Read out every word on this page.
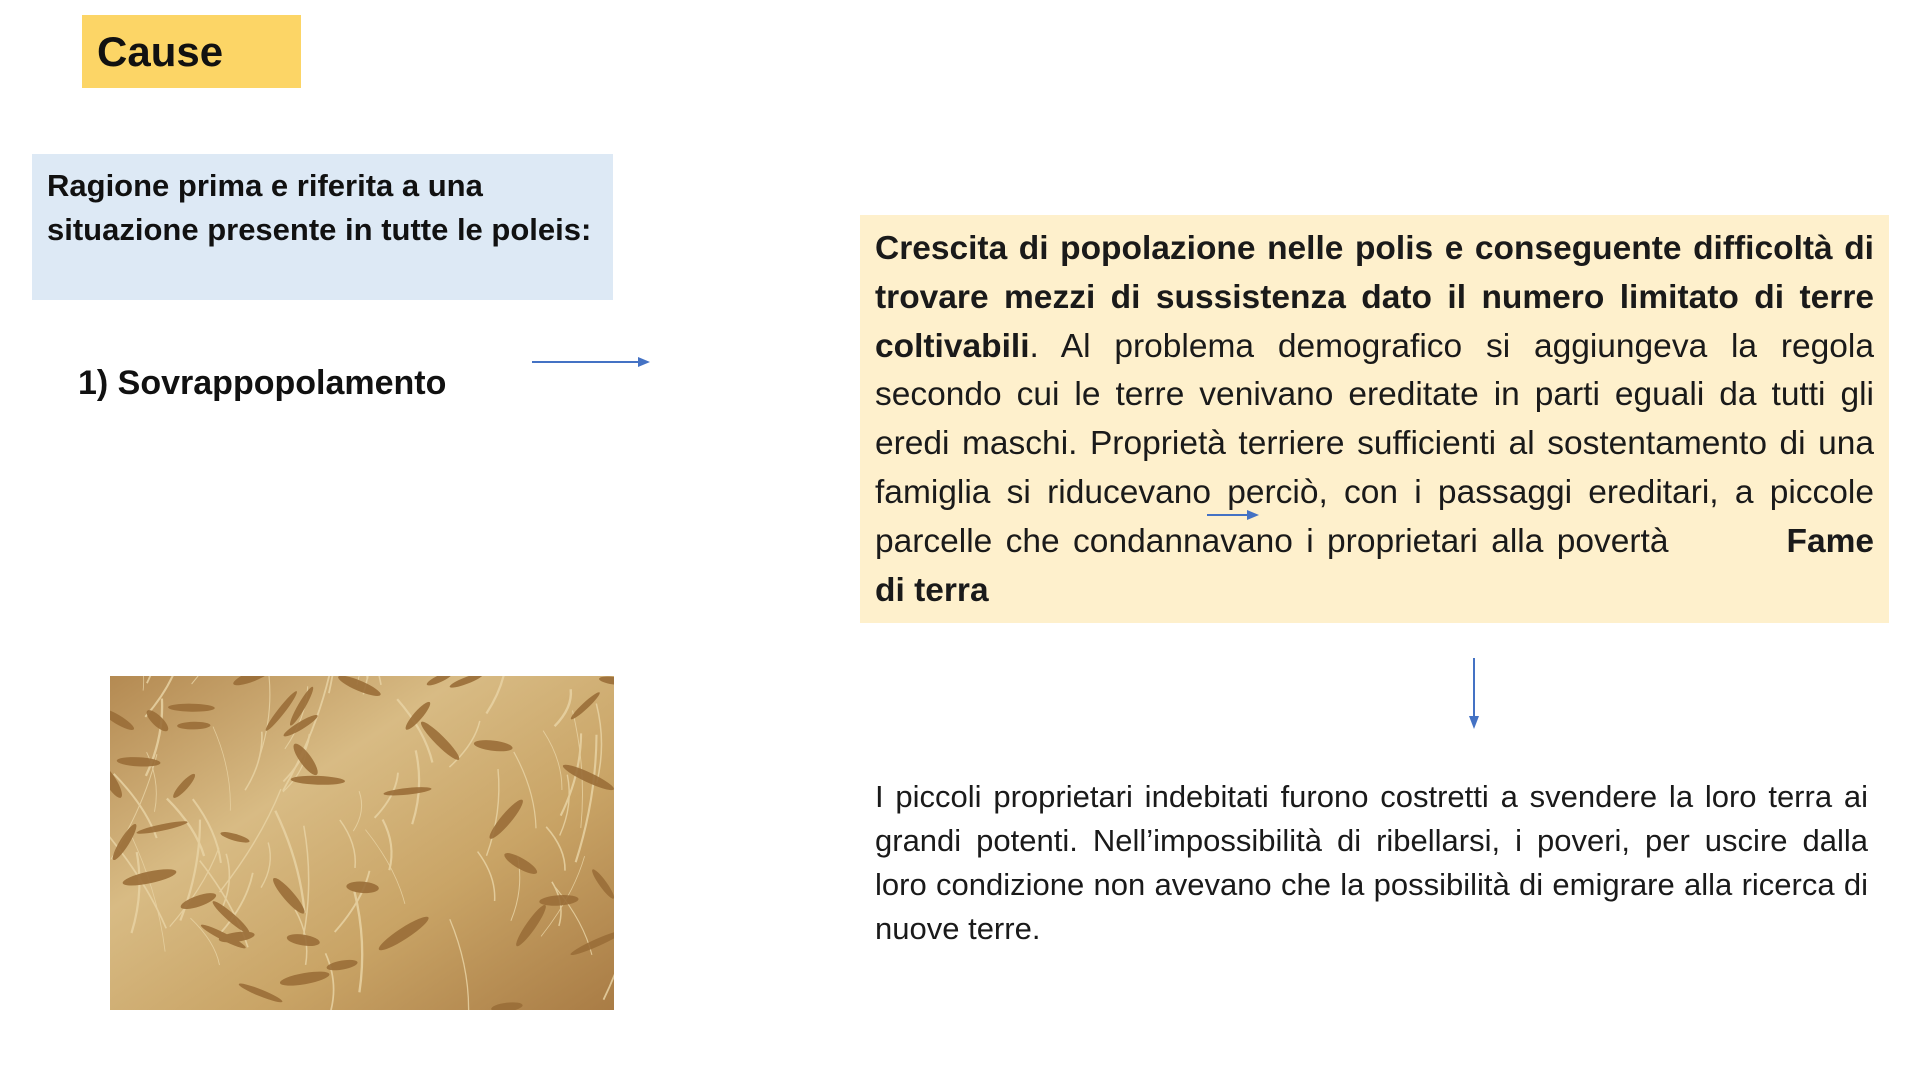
Cause
Ragione prima e riferita a una situazione presente in tutte le poleis:
1) Sovrappopolamento
Crescita di popolazione nelle polis e conseguente difficoltà di trovare mezzi di sussistenza dato il numero limitato di terre coltivabili. Al problema demografico si aggiungeva la regola secondo cui le terre venivano ereditate in parti eguali da tutti gli eredi maschi. Proprietà terriere sufficienti al sostentamento di una famiglia si riducevano perciò, con i passaggi ereditari, a piccole parcelle che condannavano i proprietari alla povertà	Fame di terra
I piccoli proprietari indebitati furono costretti a svendere la loro terra ai grandi potenti. Nell’impossibilità di ribellarsi, i poveri, per uscire dalla loro condizione non avevano che la possibilità di emigrare alla ricerca di nuove terre.
